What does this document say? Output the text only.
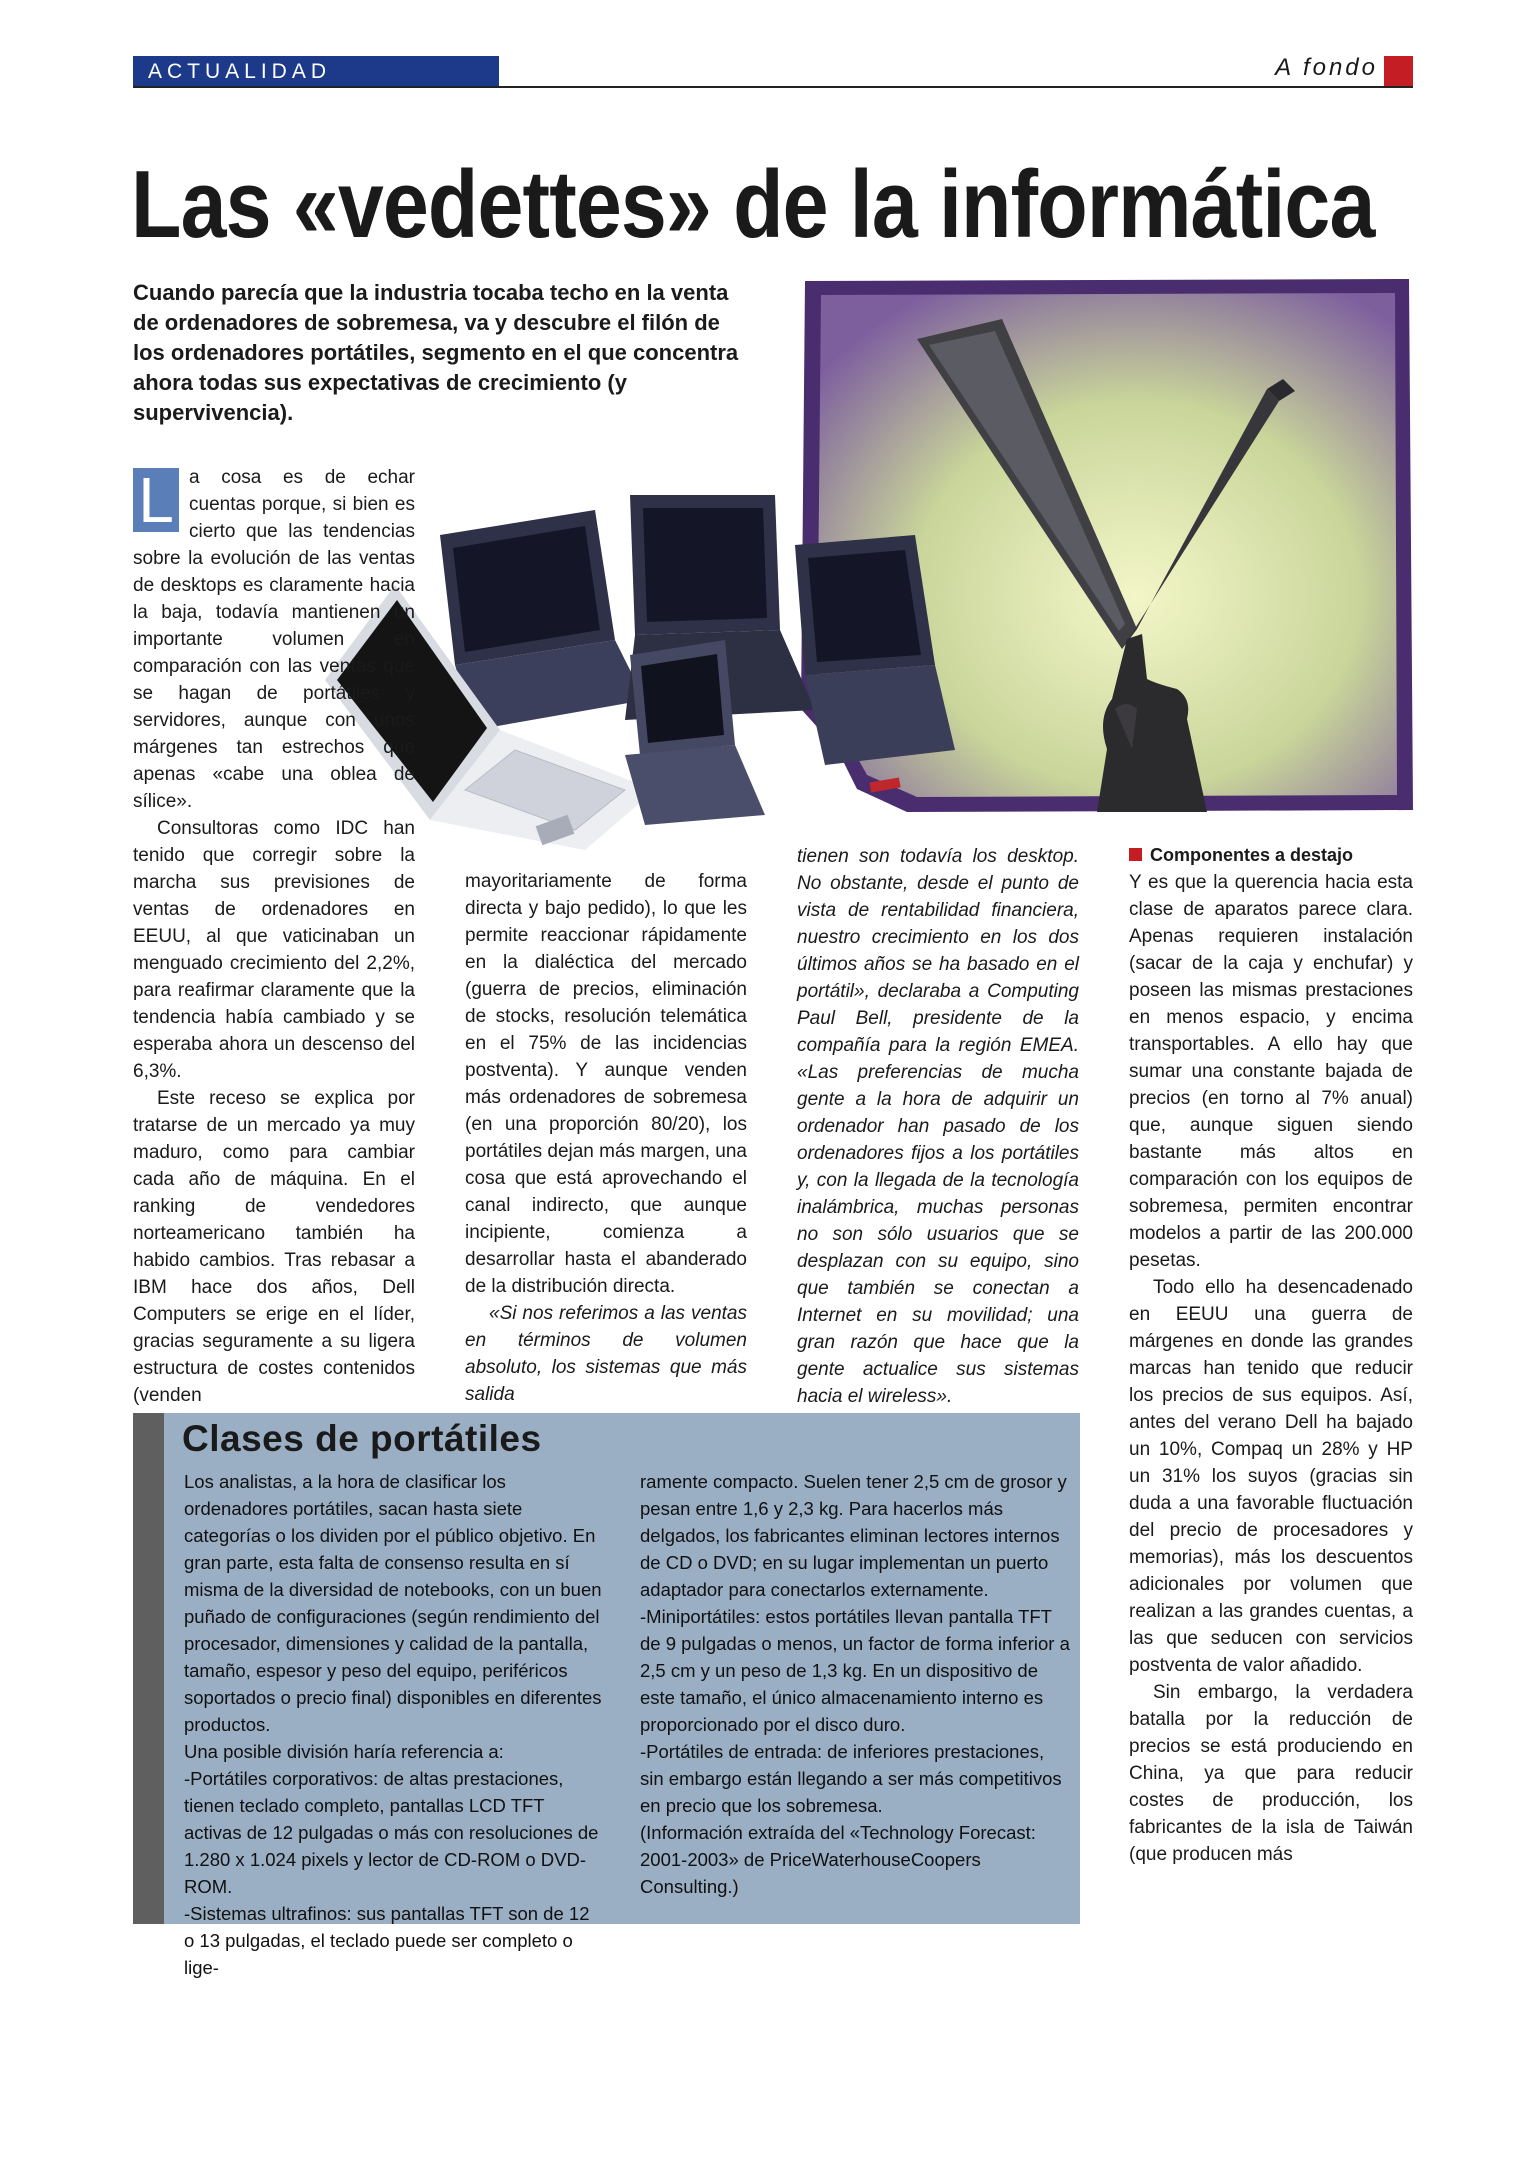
ACTUALIDAD	A fondo
Las «vedettes» de la informática

Cuando parecía que la industria tocaba techo en la venta de ordenadores de sobremesa, va y descubre el filón de los ordenadores portátiles, segmento en el que concentra ahora todas sus expectativas de crecimiento (y supervivencia).

L a cosa es de echar cuentas porque, si bien es cierto que las tendencias sobre la evolución de las ventas de desktops es claramente hacia la baja, todavía mantienen un importante volumen en comparación con las ventas que se hagan de portátiles y servidores, aunque con unos márgenes tan estrechos que apenas «cabe una oblea de sílice».

Consultoras como IDC han tenido que corregir sobre la marcha sus previsiones de ventas de ordenadores en EEUU, al que vaticinaban un menguado crecimiento del 2,2%, para reafirmar claramente que la tendencia había cambiado y se esperaba ahora un descenso del 6,3%.

Este receso se explica por tratarse de un mercado ya muy maduro, como para cambiar cada año de máquina. En el ranking de vendedores norteamericano también ha habido cambios. Tras rebasar a IBM hace dos años, Dell Computers se erige en el líder, gracias seguramente a su ligera estructura de costes contenidos (venden

mayoritariamente de forma directa y bajo pedido), lo que les permite reaccionar rápidamente en la dialéctica del mercado (guerra de precios, eliminación de stocks, resolución telemática en el 75% de las incidencias postventa). Y aunque venden más ordenadores de sobremesa (en una proporción 80/20), los portátiles dejan más margen, una cosa que está aprovechando el canal indirecto, que aunque incipiente, comienza a desarrollar hasta el abanderado de la distribución directa.

«Si nos referimos a las ventas en términos de volumen absoluto, los sistemas que más salida

tienen son todavía los desktop. No obstante, desde el punto de vista de rentabilidad financiera, nuestro crecimiento en los dos últimos años se ha basado en el portátil», declaraba a Computing Paul Bell, presidente de la compañía para la región EMEA. «Las preferencias de mucha gente a la hora de adquirir un ordenador han pasado de los ordenadores fijos a los portátiles y, con la llegada de la tecnología inalámbrica, muchas personas no son sólo usuarios que se desplazan con su equipo, sino que también se conectan a Internet en su movilidad; una gran razón que hace que la gente actualice sus sistemas hacia el wireless».

Componentes a destajo

Y es que la querencia hacia esta clase de aparatos parece clara. Apenas requieren instalación (sacar de la caja y enchufar) y poseen las mismas prestaciones en menos espacio, y encima transportables. A ello hay que sumar una constante bajada de precios (en torno al 7% anual) que, aunque siguen siendo bastante más altos en comparación con los equipos de sobremesa, permiten encontrar modelos a partir de las 200.000 pesetas.

Todo ello ha desencadenado en EEUU una guerra de márgenes en donde las grandes marcas han tenido que reducir los precios de sus equipos. Así, antes del verano Dell ha bajado un 10%, Compaq un 28% y HP un 31% los suyos (gracias sin duda a una favorable fluctuación del precio de procesadores y memorias), más los descuentos adicionales por volumen que realizan a las grandes cuentas, a las que seducen con servicios postventa de valor añadido.

Sin embargo, la verdadera batalla por la reducción de precios se está produciendo en China, ya que para reducir costes de producción, los fabricantes de la isla de Taiwán (que producen más

Clases de portátiles

Los analistas, a la hora de clasificar los ordenadores portátiles, sacan hasta siete categorías o los dividen por el público objetivo. En gran parte, esta falta de consenso resulta en sí misma de la diversidad de notebooks, con un buen puñado de configuraciones (según rendimiento del procesador, dimensiones y calidad de la pantalla, tamaño, espesor y peso del equipo, periféricos soportados o precio final) disponibles en diferentes productos.

Una posible división haría referencia a:

-Portátiles corporativos: de altas prestaciones, tienen teclado completo, pantallas LCD TFT activas de 12 pulgadas o más con resoluciones de 1.280 x 1.024 pixels y lector de CD-ROM o DVD-ROM.

-Sistemas ultrafinos: sus pantallas TFT son de 12 o 13 pulgadas, el teclado puede ser completo o lige-

ramente compacto. Suelen tener 2,5 cm de grosor y pesan entre 1,6 y 2,3 kg. Para hacerlos más delgados, los fabricantes eliminan lectores internos de CD o DVD; en su lugar implementan un puerto adaptador para conectarlos externamente.

-Miniportátiles: estos portátiles llevan pantalla TFT de 9 pulgadas o menos, un factor de forma inferior a 2,5 cm y un peso de 1,3 kg. En un dispositivo de este tamaño, el único almacenamiento interno es proporcionado por el disco duro.

-Portátiles de entrada: de inferiores prestaciones, sin embargo están llegando a ser más competitivos en precio que los sobremesa.

(Información extraída del «Technology Forecast: 2001-2003» de PriceWaterhouseCoopers Consulting.)
